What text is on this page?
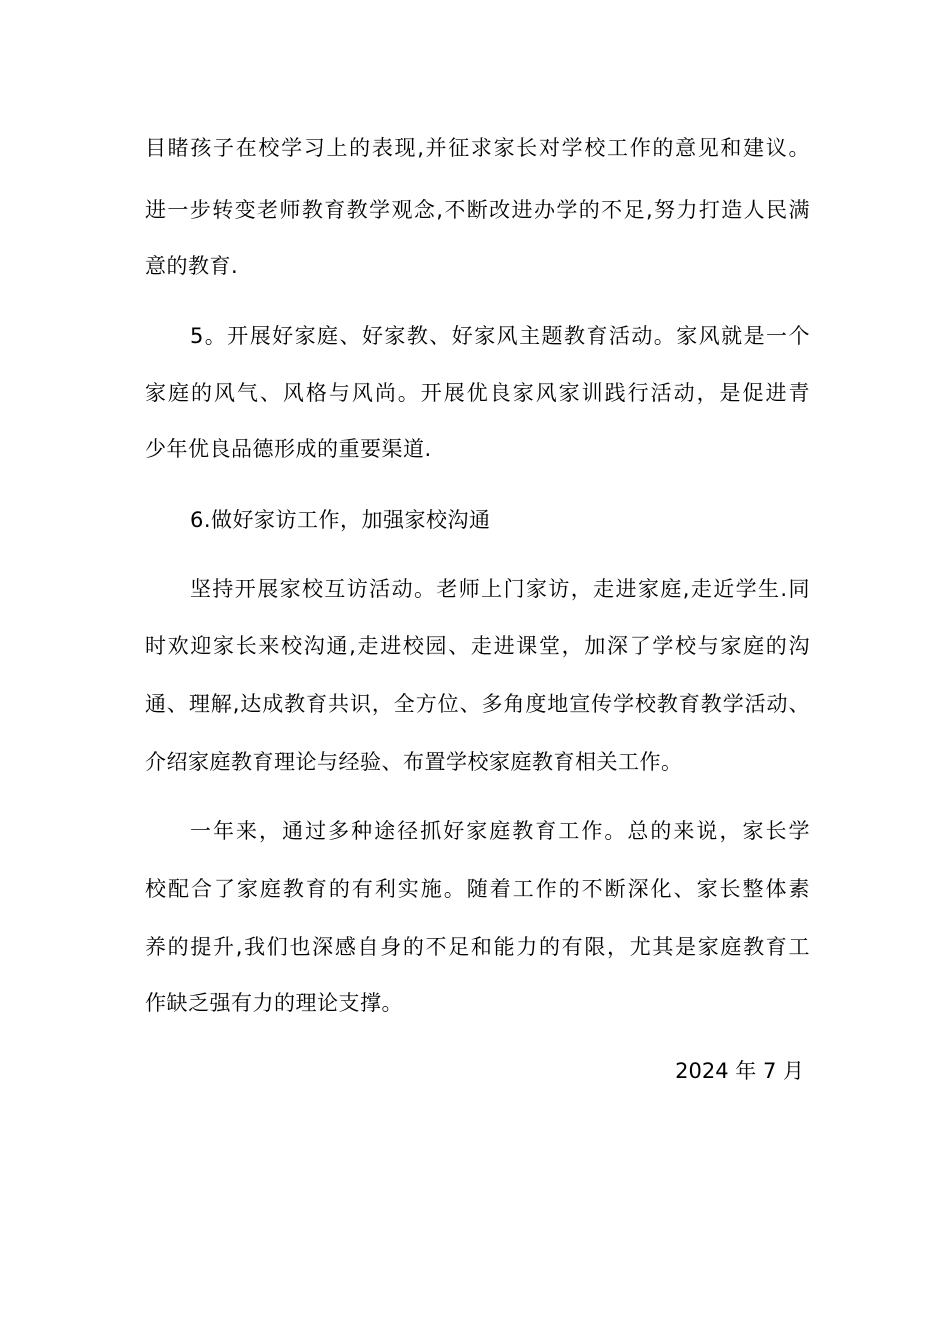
目睹孩子在校学习上的表现,并征求家长对学校工作的意见和建议。
进一步转变老师教育教学观念,不断改进办学的不足,努力打造人民满
意的教育.
5。开展好家庭、好家教、好家风主题教育活动。家风就是一个
家庭的风气、风格与风尚。开展优良家风家训践行活动，是促进青
少年优良品德形成的重要渠道.
6.做好家访工作，加强家校沟通
坚持开展家校互访活动。老师上门家访，走进家庭,走近学生.同
时欢迎家长来校沟通,走进校园、走进课堂，加深了学校与家庭的沟
通、理解,达成教育共识，全方位、多角度地宣传学校教育教学活动、
介绍家庭教育理论与经验、布置学校家庭教育相关工作。
一年来，通过多种途径抓好家庭教育工作。总的来说，家长学
校配合了家庭教育的有利实施。随着工作的不断深化、家长整体素
养的提升,我们也深感自身的不足和能力的有限，尤其是家庭教育工
作缺乏强有力的理论支撑。
2024 年 7 月
